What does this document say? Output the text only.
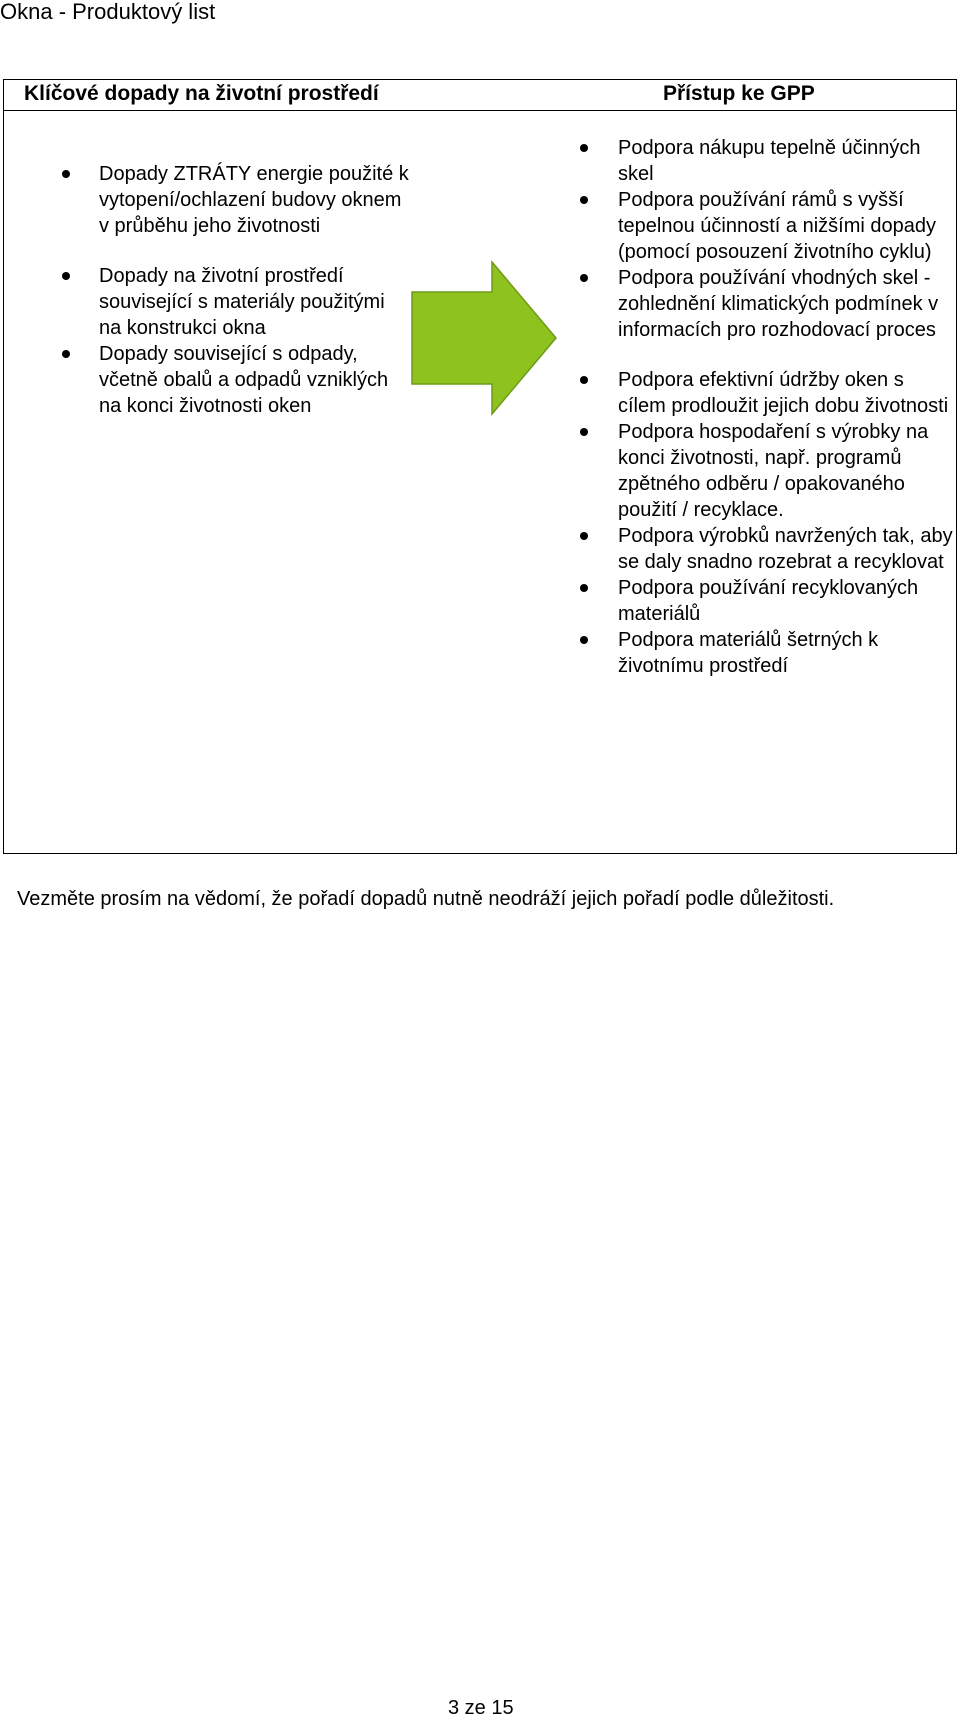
Okna - Produktový list
Klíčové dopady na životní prostředí	Přístup ke GPP
Dopady ZTRÁTY energie použité k vytopení/ochlazení budovy oknem v průběhu jeho životnosti
Dopady na životní prostředí související s materiály použitými na konstrukci okna
Dopady související s odpady, včetně obalů a odpadů vzniklých na konci životnosti oken
Podpora nákupu tepelně účinných skel
Podpora používání rámů s vyšší tepelnou účinností a nižšími dopady (pomocí posouzení životního cyklu)
Podpora používání vhodných skel - zohlednění klimatických podmínek v informacích pro rozhodovací proces
Podpora efektivní údržby oken s cílem prodloužit jejich dobu životnosti
Podpora hospodaření s výrobky na konci životnosti, např. programů zpětného odběru / opakovaného použití / recyklace.
Podpora výrobků navržených tak, aby se daly snadno rozebrat a recyklovat
Podpora používání recyklovaných materiálů
Podpora materiálů šetrných k životnímu prostředí
Vezměte prosím na vědomí, že pořadí dopadů nutně neodráží jejich pořadí podle důležitosti.
3 ze 15
